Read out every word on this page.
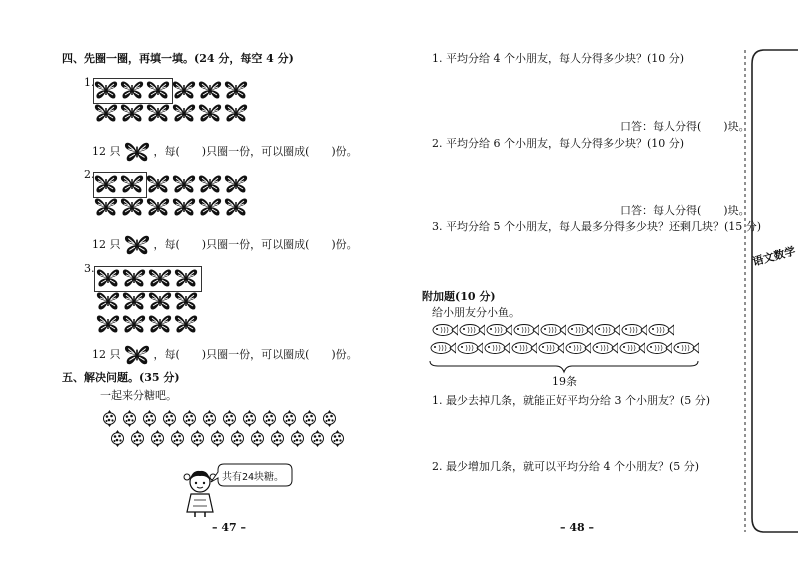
四、先圈一圈，再填一填。(24 分，每空 4 分)
1.
12 只	，每(　　)只圈一份，可以圈成(　　)份。
2.
12 只	，每(　　)只圈一份，可以圈成(　　)份。
3.
12 只	，每(　　)只圈一份，可以圈成(　　)份。
五、解决问题。(35 分)
一起来分糖吧。
共有24块糖。
– 47 –
1. 平均分给 4 个小朋友，每人分得多少块？(10 分)
口答：每人分得(　　)块。
2. 平均分给 6 个小朋友，每人分得多少块？(10 分)
口答：每人分得(　　)块。
3. 平均分给 5 个小朋友，每人最多分得多少块？还剩几块？(15 分)
附加题(10 分)
给小朋友分小鱼。
19条
1. 最少去掉几条，就能正好平均分给 3 个小朋友？(5 分)
2. 最少增加几条，就可以平均分给 4 个小朋友？(5 分)
– 48 –
语文数学
